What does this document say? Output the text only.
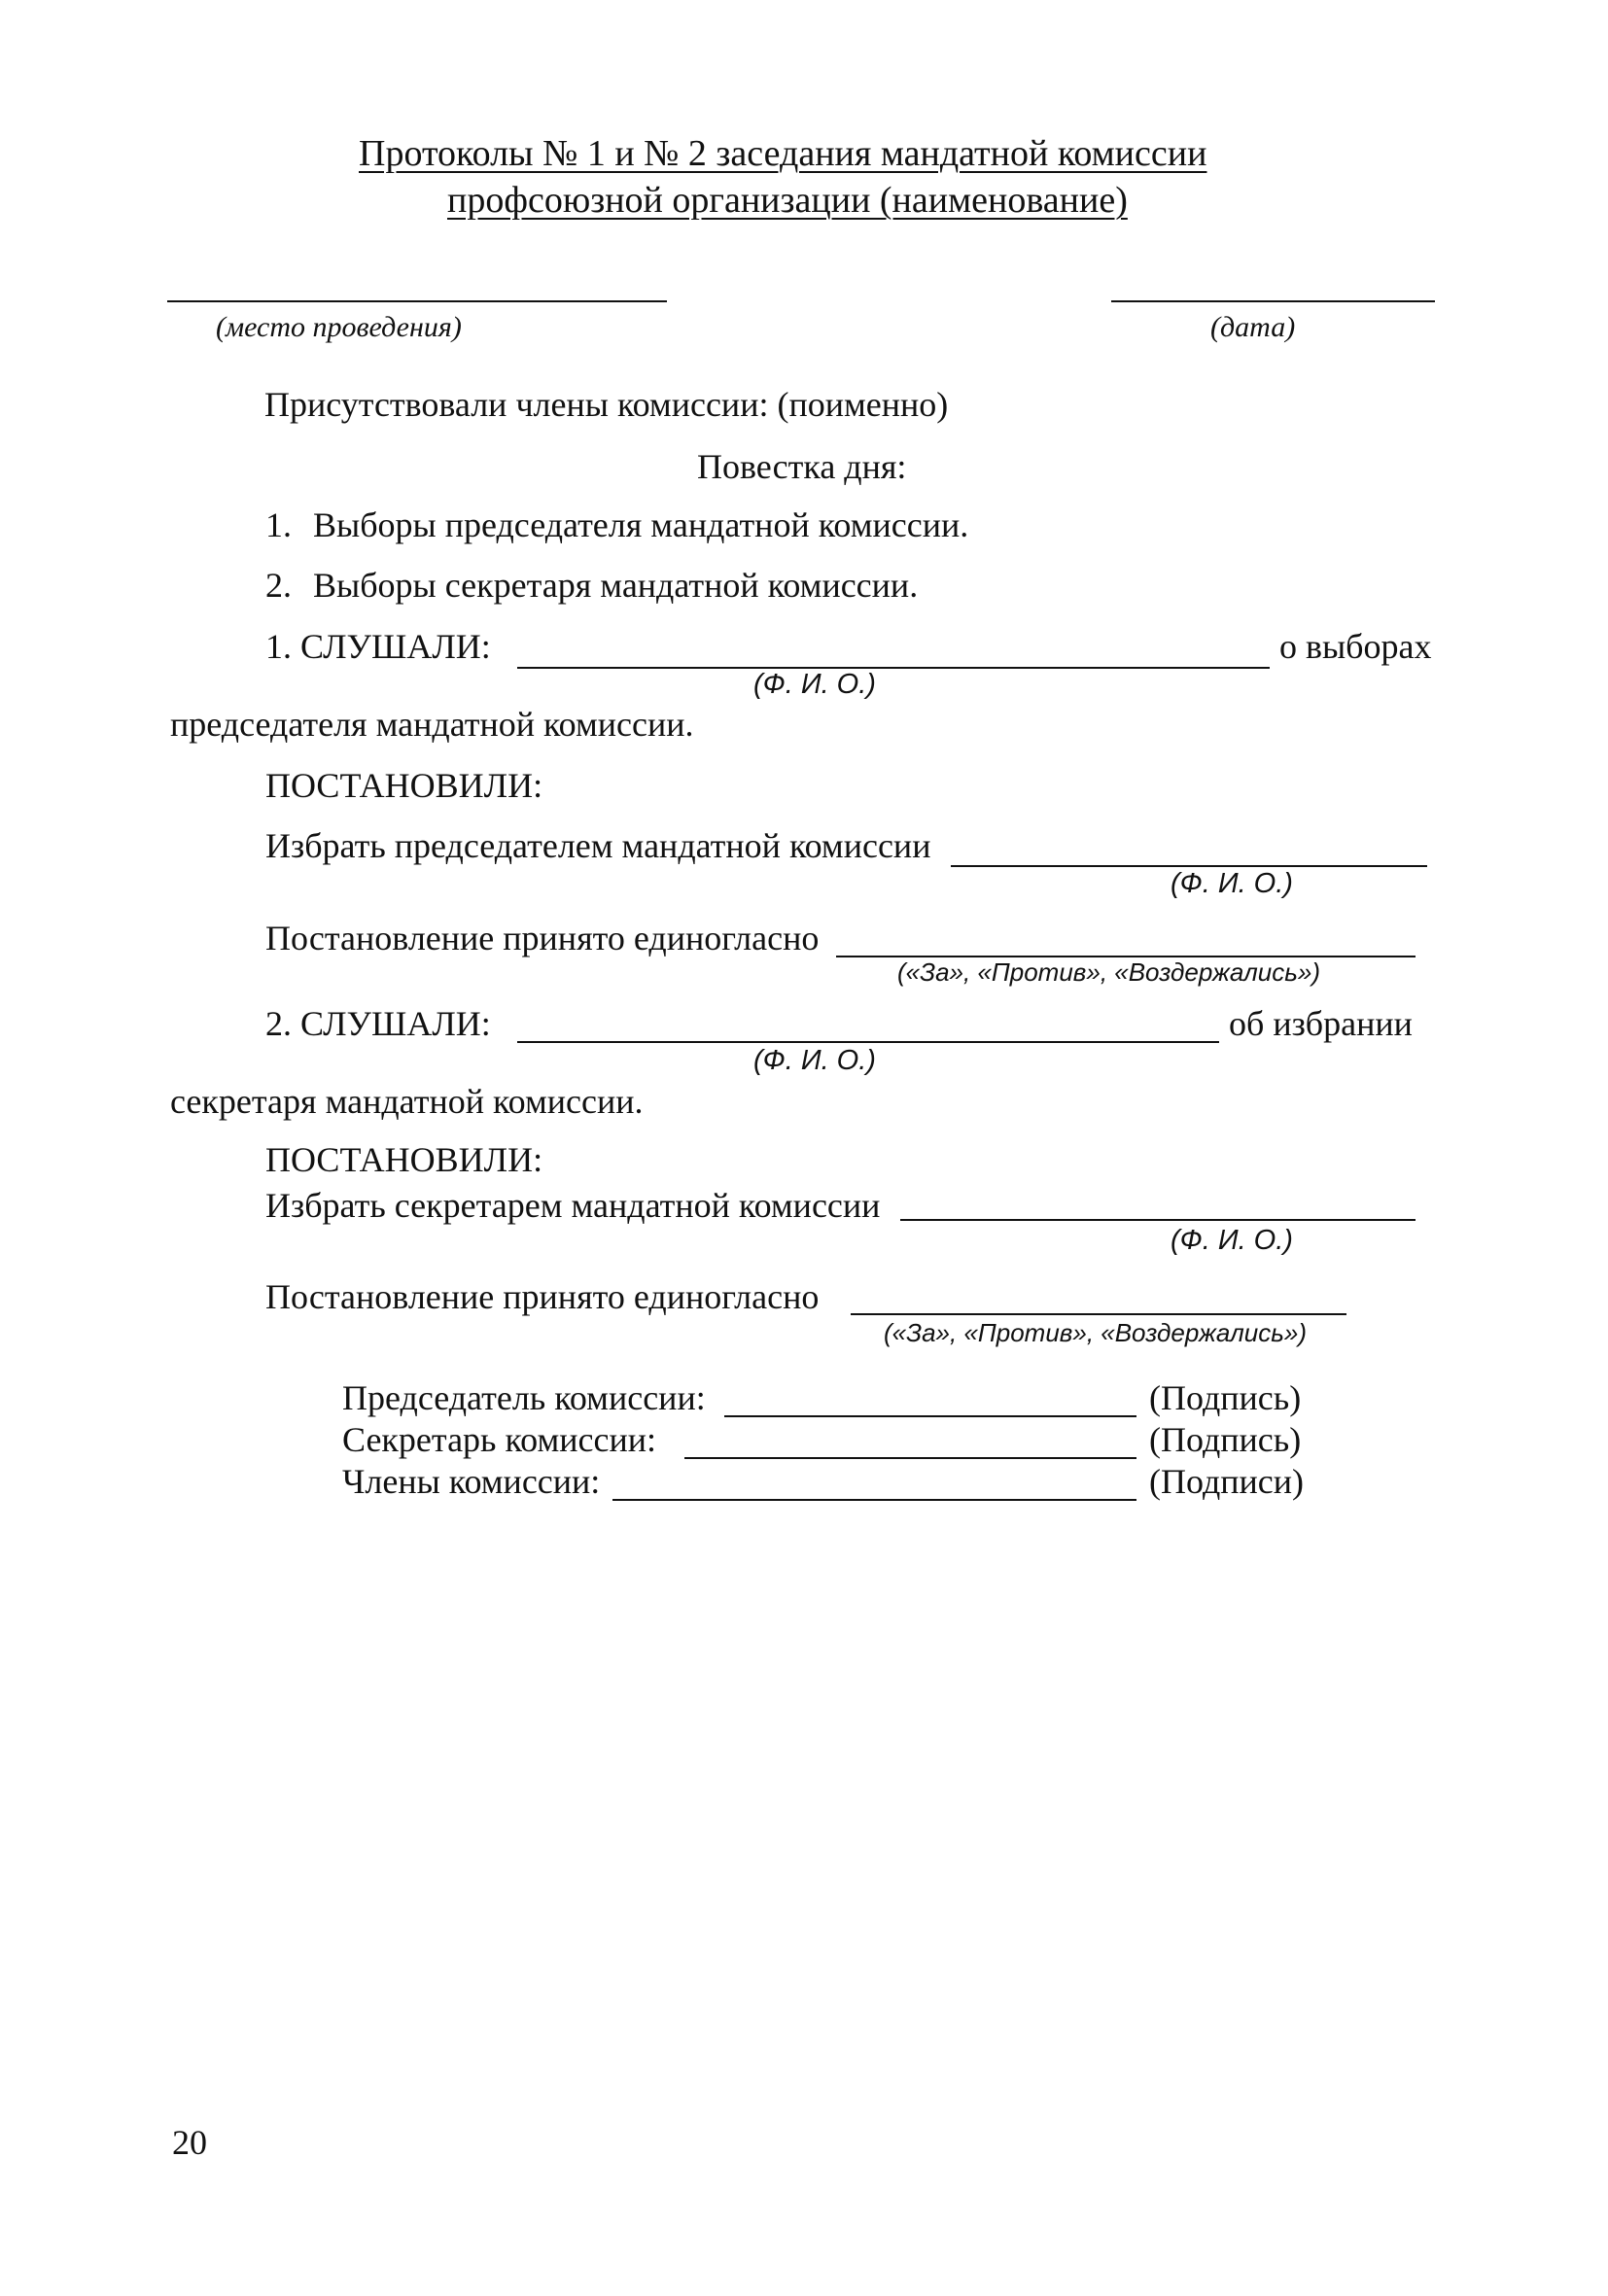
Протоколы № 1 и № 2 заседания мандатной комиссии
профсоюзной организации (наименование)
(место проведения)	(дата)
Присутствовали члены комиссии: (поименно)
Повестка дня:
1. Выборы председателя мандатной комиссии.
2. Выборы секретаря мандатной комиссии.
1. СЛУШАЛИ:	о выборах
(Ф. И. О.)
председателя мандатной комиссии.
ПОСТАНОВИЛИ:
Избрать председателем мандатной комиссии
(Ф. И. О.)
Постановление принято единогласно
(«За», «Против», «Воздержались»)
2. СЛУШАЛИ:	об избрании
(Ф. И. О.)
секретаря мандатной комиссии.
ПОСТАНОВИЛИ:
Избрать секретарем мандатной комиссии
(Ф. И. О.)
Постановление принято единогласно
(«За», «Против», «Воздержались»)
Председатель комиссии:	(Подпись)
Секретарь комиссии:	(Подпись)
Члены комиссии:	(Подписи)
20
